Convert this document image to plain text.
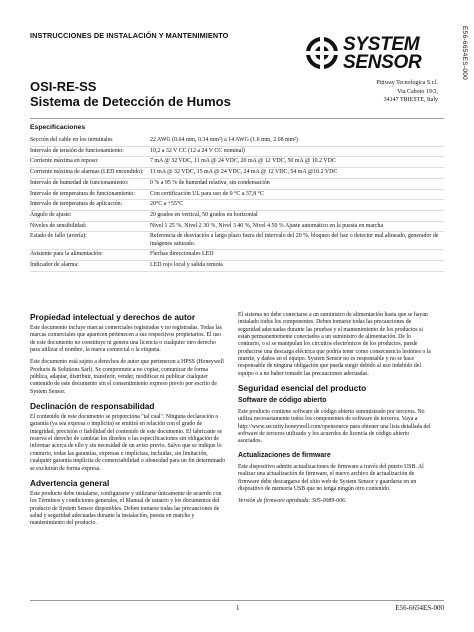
INSTRUCCIONES DE INSTALACIÓN Y MANTENIMIENTO	E56-6654ES-000
SYSTEM
SENSOR
Pittway Tecnologica S.r.l.
Via Caboto 19/3,
34147 TRIESTE, Italy
OSI-RE-SS
Sistema de Detección de Humos
Especificaciones
Sección del cable en los terminales	22 AWG (0.64 mm, 0.34 mm²) a 14 AWG (1.6 mm, 2.08 mm²)
Intervalo de tensión de funcionamiento:	10,2 a 32 V CC (12 a 24 V CC nominal)
Corriente máxima en reposo:	7 mA @ 32 VDC, 11 mA @ 24 VDC, 20 mA @ 12 VDC, 50 mA @ 10.2 VDC
Corriente máxima de alarmas (LED encendido):	11 mA @ 32 VDC, 15 mA @ 24 VDC, 24 mA @ 12 VDC, 54 mA @10.2 VDC
Intervalo de humedad de funcionamiento:	0 % a 95 % de humedad relativa, sin condensación
Intervalo de temperatura de funcionamiento:	Con certificación UL para uso de 0 °C a 37,8 °C
Intervalo de temperatura de aplicación:	20°C a +55°C
Ángulo de ajuste:	20 grados en vertical, 50 grados en horizontal
Niveles de sensibilidad:	Nivel 1 25 %, Nivel 2 30 %, Nivel 3 40 %, Nivel 4 50 % Ajuste automático en la puesta en marcha
Estado de fallo (avería):	Referencia de desviación a largo plazo fuera del intervalo del 20 %, bloqueo del haz o detector mal alineado, generador de imágenes saturado.
Asistente para la alimentación:	Flechas direccionales LED
Indicador de alarma:	LED rojo local y salida remota
Propiedad intelectual y derechos de autor

Este documento incluye marcas comerciales registradas y no registradas. Todas las marcas comerciales que aparecen pertenecen a sus respectivos propietarios. El uso de este documento no constituye ni genera una licencia o cualquier otro derecho para utilizar el nombre, la marca comercial o la etiqueta.

Este documento está sujeto a derechos de autor que pertenecen a HPSS (Honeywell Products & Solutions Sarl). Se compromete a no copiar, comunicar de forma pública, adaptar, distribuir, transferir, vender, modificar ni publicar cualquier contenido de este documento sin el consentimiento expreso previo por escrito de System Sensor.

Declinación de responsabilidad

El contenido de este documento se proporciona "tal cual". Ninguna declaración o garantía (ya sea expresa o implícita) se emitirá en relación con el grado de integridad, precisión o fiabilidad del contenido de este documento. El fabricante se reserva el derecho de cambiar los diseños o las especificaciones sin obligación de informar acerca de ello y sin necesidad de un aviso previo. Salvo que se indique lo contrario, todas las garantías, expresas o implícitas, incluidas, sin limitación, cualquier garantía implícita de comerciabilidad o idoneidad para un fin determinado se excluirán de forma expresa.

Advertencia general

Este producto debe instalarse, configurarse y utilizarse únicamente de acuerdo con los Términos y condiciones generales, el Manual de usuario y los documentos del producto de System Sensor disponibles. Deben tomarse todas las precauciones de salud y seguridad adecuadas durante la instalación, puesta en marcha y mantenimiento del producto.

El sistema no debe conectarse a un suministro de alimentación hasta que se hayan instalado todos los componentes. Deben tomarse todas las precauciones de seguridad adecuadas durante las pruebas y el mantenimiento de los productos si están permanentemente conectados a un suministro de alimentación. De lo contrario, o si se manipulan los circuitos electrónicos de los productos, puede producirse una descarga eléctrica que podría tener como consecuencia lesiones o la muerte, y daños en el equipo. System Sensor no es responsable y no se hace responsable de ninguna obligación que pueda surgir debido al uso indebido del equipo o a no haber tomado las precauciones adecuadas.

Seguridad esencial del producto
Software de código abierto

Este producto contiene software de código abierto suministrado por terceros. No utiliza necesariamente todos los componentes de software de terceros. Vaya a http://www.security.honeywell.com/opensource para obtener una lista detallada del software de terceros utilizado y los acuerdos de licencia de código abierto asociados.

Actualizaciones de firmware

Este dispositivo admite actualizaciones de firmware a través del puerto USB. Al realizar una actualización de firmware, el nuevo archivo de actualización de firmware debe descargarse del sitio web de System Sensor y guardarse en un dispositivo de memoria USB que no tenga ningún otro contenido.

Versión de firmware aprobada: S05-0089-006.

1	E56-6654ES-000
